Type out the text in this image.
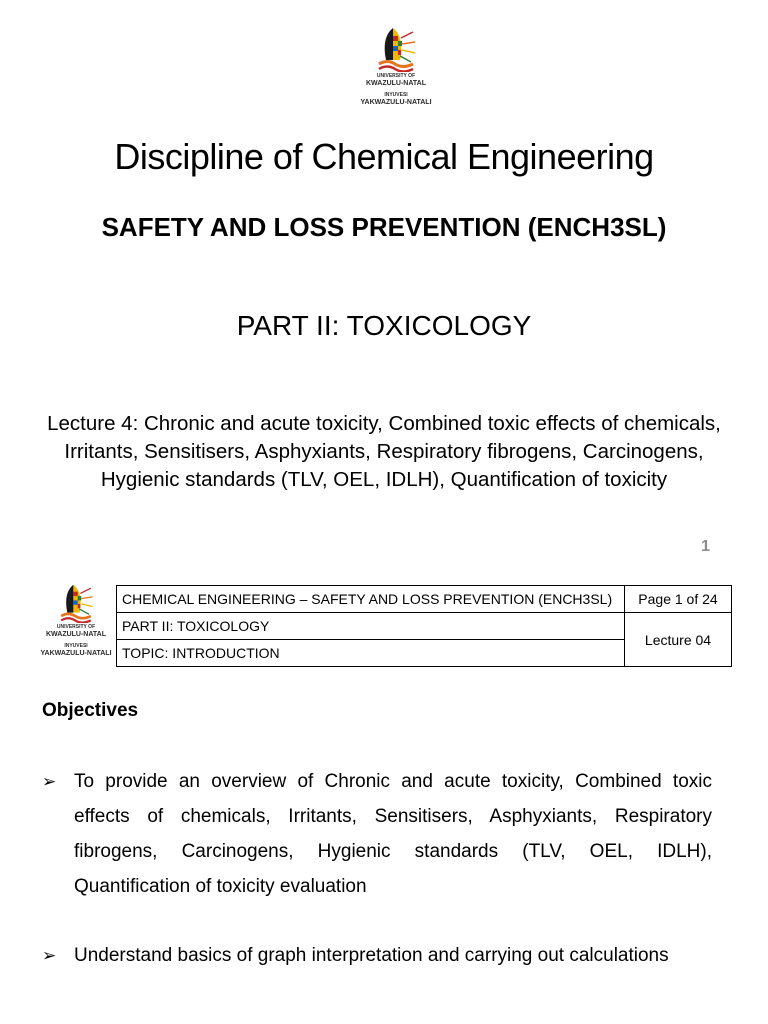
UNIVERSITY OF
KWAZULU-NATAL
INYUVESI
YAKWAZULU-NATALI
Discipline of Chemical Engineering
SAFETY AND LOSS PREVENTION (ENCH3SL)
PART II: TOXICOLOGY
Lecture 4: Chronic and acute toxicity, Combined toxic effects of chemicals, Irritants, Sensitisers, Asphyxiants, Respiratory fibrogens, Carcinogens, Hygienic standards (TLV, OEL, IDLH), Quantification of toxicity
1
UNIVERSITY OF
KWAZULU-NATAL
INYUVESI
YAKWAZULU-NATALI
CHEMICAL ENGINEERING – SAFETY AND LOSS PREVENTION (ENCH3SL)	Page 1 of 24
PART II: TOXICOLOGY	Lecture 04
TOPIC: INTRODUCTION	
Objectives
➢ To provide an overview of Chronic and acute toxicity, Combined toxic effects of chemicals, Irritants, Sensitisers, Asphyxiants, Respiratory fibrogens, Carcinogens, Hygienic standards (TLV, OEL, IDLH), Quantification of toxicity evaluation
➢ Understand basics of graph interpretation and carrying out calculations
